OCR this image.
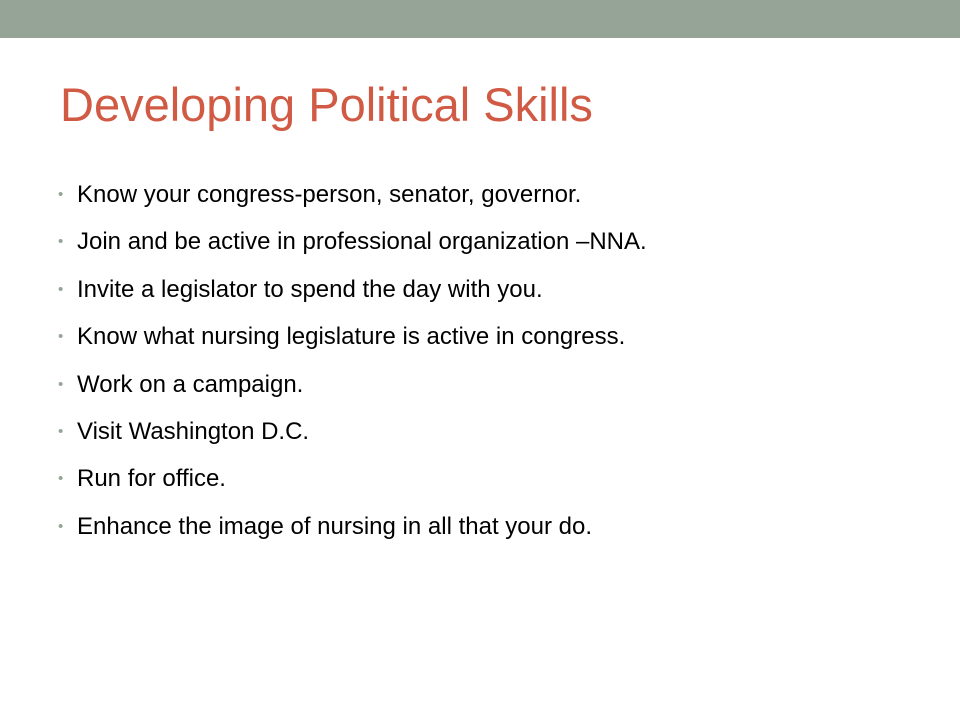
Developing Political Skills
• Know your congress-person, senator, governor.
• Join and be active in professional organization –NNA.
• Invite a legislator to spend the day with you.
• Know what nursing legislature is active in congress.
• Work on a campaign.
• Visit Washington D.C.
• Run for office.
• Enhance the image of nursing in all that your do.
